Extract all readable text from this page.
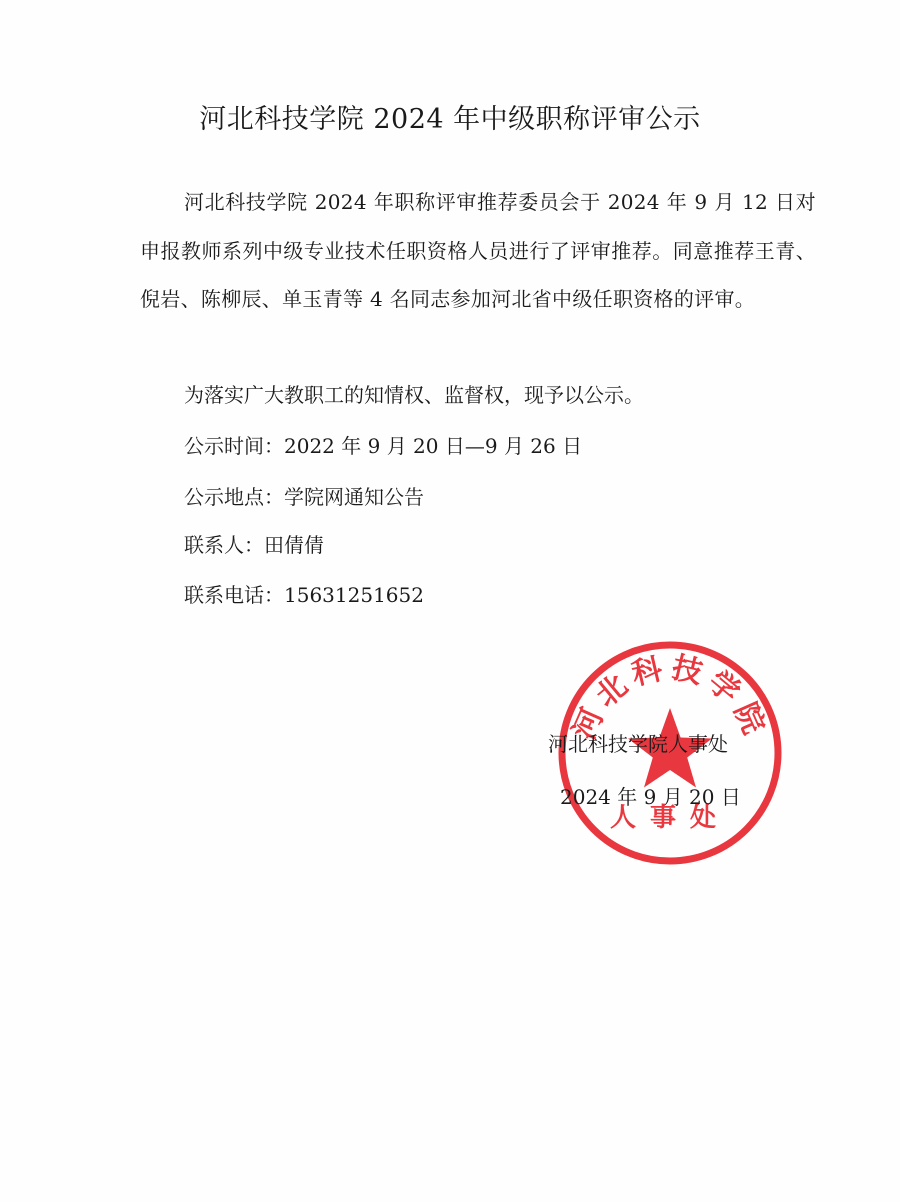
河北科技学院 2024 年中级职称评审公示

河北科技学院 2024 年职称评审推荐委员会于 2024 年 9 月 12 日对申报教师系列中级专业技术任职资格人员进行了评审推荐。同意推荐王青、倪岩、陈柳辰、单玉青等 4 名同志参加河北省中级任职资格的评审。

为落实广大教职工的知情权、监督权，现予以公示。

公示时间：2022 年 9 月 20 日—9 月 26 日

公示地点：学院网通知公告

联系人：田倩倩

联系电话：15631251652

河北科技学院
人事处
河北科技学院人事处
2024 年 9 月 20 日
